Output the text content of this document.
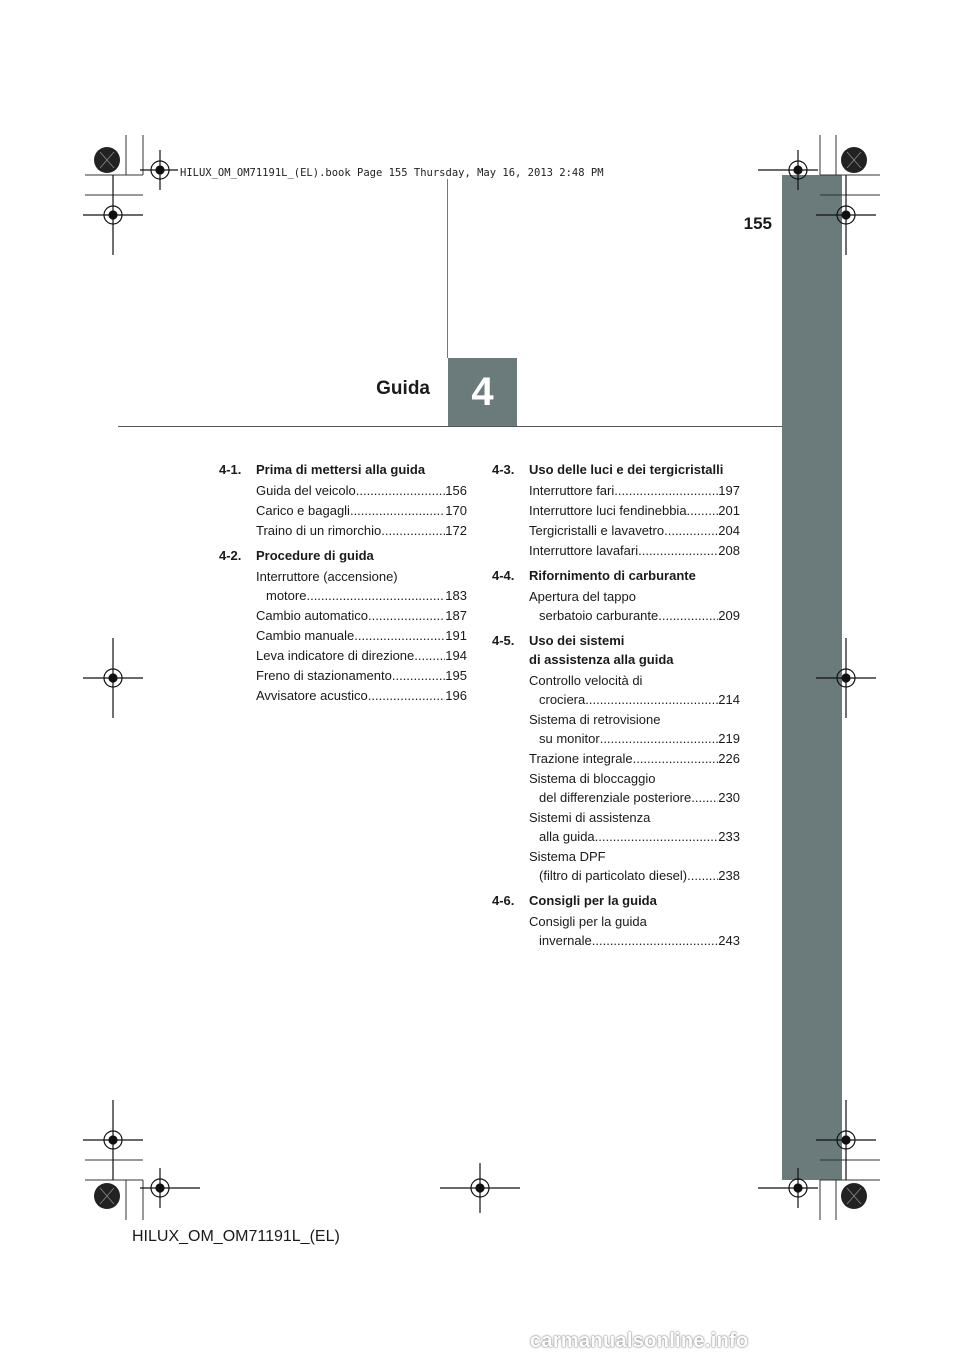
4
Guida
155
HILUX_OM_OM71191L_(EL).book Page 155 Thursday, May 16, 2013 2:48 PM
4-1.	Prima di mettersi alla guida
Guida del veicolo .....	156
Carico e bagagli .....	170
Traino di un rimorchio .....	172
4-2.	Procedure di guida
Interruttore (accensione)
motore .....	183
Cambio automatico .....	187
Cambio manuale .....	191
Leva indicatore di direzione ..... 194
Freno di stazionamento .....	195
Avvisatore acustico .....	196
4-3.	Uso delle luci e dei tergicristalli
Interruttore fari .....	197
Interruttore luci fendinebbia ..... 201
Tergicristalli e lavavetro .....	204
Interruttore lavafari .....	208
4-4.	Rifornimento di carburante
Apertura del tappo
serbatoio carburante .....	209
4-5.	Uso dei sistemi
di assistenza alla guida
Controllo velocità di
crociera .....	214
Sistema di retrovisione
su monitor .....	219
Trazione integrale .....	226
Sistema di bloccaggio
del differenziale posteriore ..... 230
Sistemi di assistenza
alla guida .....	233
Sistema DPF
(filtro di particolato diesel) ..... 238
4-6.	Consigli per la guida
Consigli per la guida
invernale .....	243
HILUX_OM_OM71191L_(EL)
carmanualsonline.info
